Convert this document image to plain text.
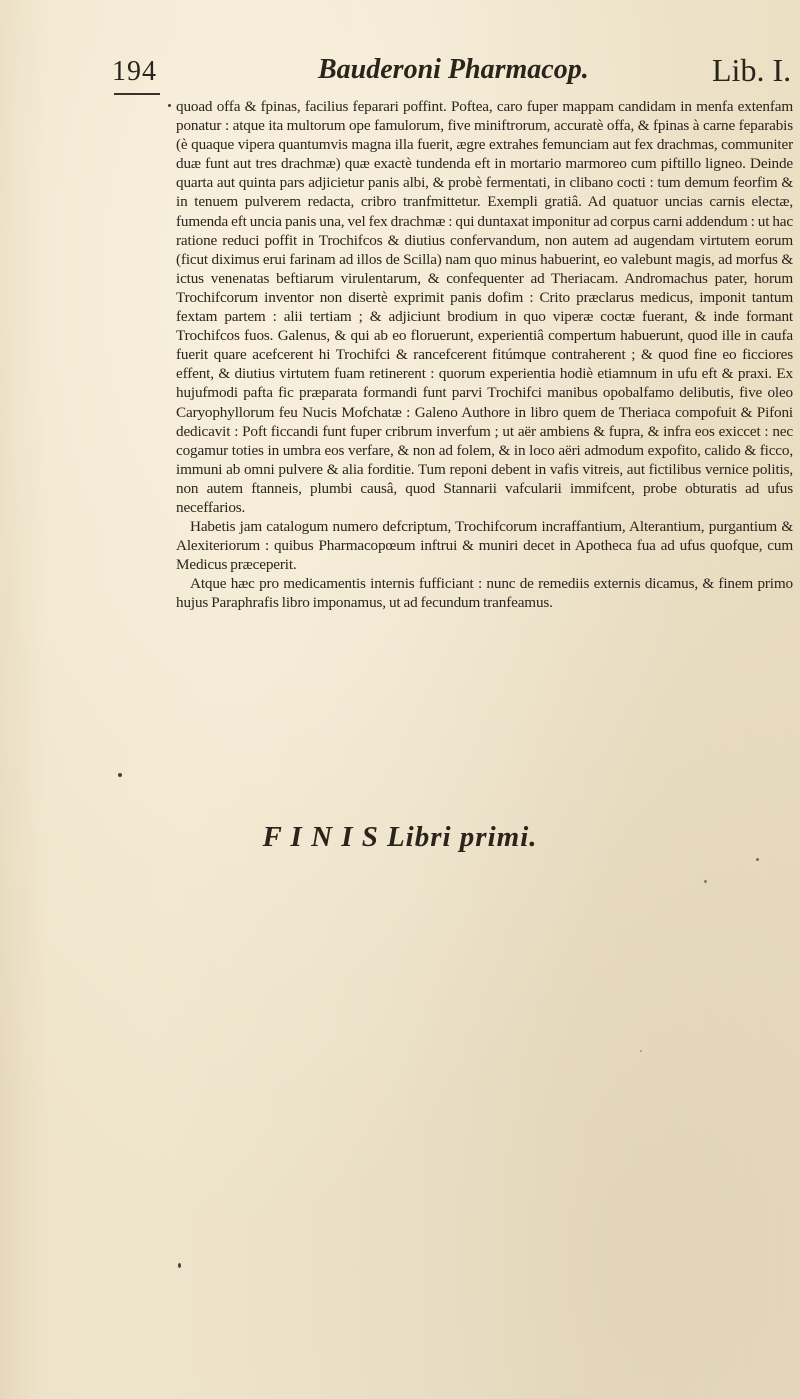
194	Bauderoni Pharmacop.	Lib. I.

quoad offa & fpinas, facilius feparari poffint. Poftea, caro fuper mappam candidam in menfa extenfam ponatur : atque ita multorum ope famulorum, five miniftrorum, accuratè offa, & fpinas à carne feparabis (è quaque vipera quantumvis magna illa fuerit, ægre extrahes femunciam aut fex drachmas, communiter duæ funt aut tres drachmæ) quæ exactè tundenda eft in mortario marmoreo cum piftillo ligneo. Deinde quarta aut quinta pars adjicietur panis albi, & probè fermentati, in clibano cocti : tum demum feorfim & in tenuem pulverem redacta, cribro tranfmittetur. Exempli gratiâ. Ad quatuor uncias carnis electæ, fumenda eft uncia panis una, vel fex drachmæ : qui duntaxat imponitur ad corpus carni addendum : ut hac ratione reduci poffit in Trochifcos & diutius confervandum, non autem ad augendam virtutem eorum (ficut diximus erui farinam ad illos de Scilla) nam quo minus habuerint, eo valebunt magis, ad morfus & ictus venenatas beftiarum virulentarum, & confequenter ad Theriacam. Andromachus pater, horum Trochifcorum inventor non disertè exprimit panis dofim : Crito præclarus medicus, imponit tantum fextam partem : alii tertiam ; & adjiciunt brodium in quo viperæ coctæ fuerant, & inde formant Trochifcos fuos. Galenus, & qui ab eo floruerunt, experientiâ compertum habuerunt, quod ille in caufa fuerit quare acefcerent hi Trochifci & rancefcerent fitúmque contraherent ; & quod fine eo ficciores effent, & diutius virtutem fuam retinerent : quorum experientia hodiè etiamnum in ufu eft & praxi. Ex hujufmodi pafta fic præparata formandi funt parvi Trochifci manibus opobalfamo delibutis, five oleo Caryophyllorum feu Nucis Mofchatæ : Galeno Authore in libro quem de Theriaca compofuit & Pifoni dedicavit : Poft ficcandi funt fuper cribrum inverfum ; ut aër ambiens & fupra, & infra eos exiccet : nec cogamur toties in umbra eos verfare, & non ad folem, & in loco aëri admodum expofito, calido & ficco, immuni ab omni pulvere & alia forditie. Tum reponi debent in vafis vitreis, aut fictilibus vernice politis, non autem ftanneis, plumbi causâ, quod Stannarii vafcularii immifcent, probe obturatis ad ufus neceffarios.

Habetis jam catalogum numero defcriptum, Trochifcorum incraffantium, Alterantium, purgantium & Alexiteriorum : quibus Pharmacopœum inftrui & muniri decet in Apotheca fua ad ufus quofque, cum Medicus præceperit.

Atque hæc pro medicamentis internis fufficiant : nunc de remediis externis dicamus, & finem primo hujus Paraphrafis libro imponamus, ut ad fecundum tranfeamus.

F I N I S Libri primi.
